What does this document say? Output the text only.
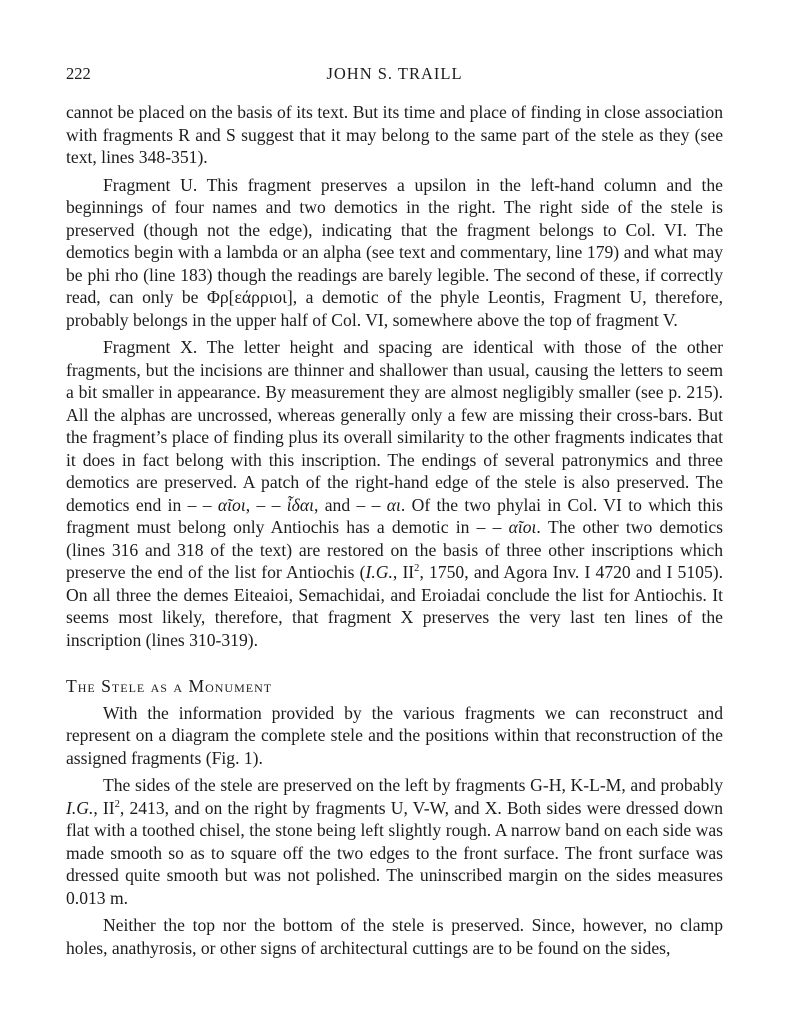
222	JOHN S. TRAILL

cannot be placed on the basis of its text. But its time and place of finding in close association with fragments R and S suggest that it may belong to the same part of the stele as they (see text, lines 348-351).

Fragment U. This fragment preserves a upsilon in the left-hand column and the beginnings of four names and two demotics in the right. The right side of the stele is preserved (though not the edge), indicating that the fragment belongs to Col. VI. The demotics begin with a lambda or an alpha (see text and commentary, line 179) and what may be phi rho (line 183) though the readings are barely legible. The second of these, if correctly read, can only be Φρ[εάρριοι], a demotic of the phyle Leontis, Fragment U, therefore, probably belongs in the upper half of Col. VI, somewhere above the top of fragment V.

Fragment X. The letter height and spacing are identical with those of the other fragments, but the incisions are thinner and shallower than usual, causing the letters to seem a bit smaller in appearance. By measurement they are almost negligibly smaller (see p. 215). All the alphas are uncrossed, whereas generally only a few are missing their cross-bars. But the fragment’s place of finding plus its overall similarity to the other fragments indicates that it does in fact belong with this inscription. The endings of several patronymics and three demotics are preserved. A patch of the right-hand edge of the stele is also preserved. The demotics end in – – αῖοι, – – ἶδαι, and – – αι. Of the two phylai in Col. VI to which this fragment must belong only Antiochis has a demotic in – – αῖοι. The other two demotics (lines 316 and 318 of the text) are restored on the basis of three other inscriptions which preserve the end of the list for Antiochis (I.G., $II^2$, 1750, and Agora Inv. I 4720 and I 5105). On all three the demes Eiteaioi, Semachidai, and Eroiadai conclude the list for Antiochis. It seems most likely, therefore, that fragment X preserves the very last ten lines of the inscription (lines 310-319).

The Stele as a Monument

With the information provided by the various fragments we can reconstruct and represent on a diagram the complete stele and the positions within that reconstruction of the assigned fragments (Fig. 1).

The sides of the stele are preserved on the left by fragments G-H, K-L-M, and probably I.G., $II^2$, 2413, and on the right by fragments U, V-W, and X. Both sides were dressed down flat with a toothed chisel, the stone being left slightly rough. A narrow band on each side was made smooth so as to square off the two edges to the front surface. The front surface was dressed quite smooth but was not polished. The uninscribed margin on the sides measures 0.013 m.

Neither the top nor the bottom of the stele is preserved. Since, however, no clamp holes, anathyrosis, or other signs of architectural cuttings are to be found on the sides,
